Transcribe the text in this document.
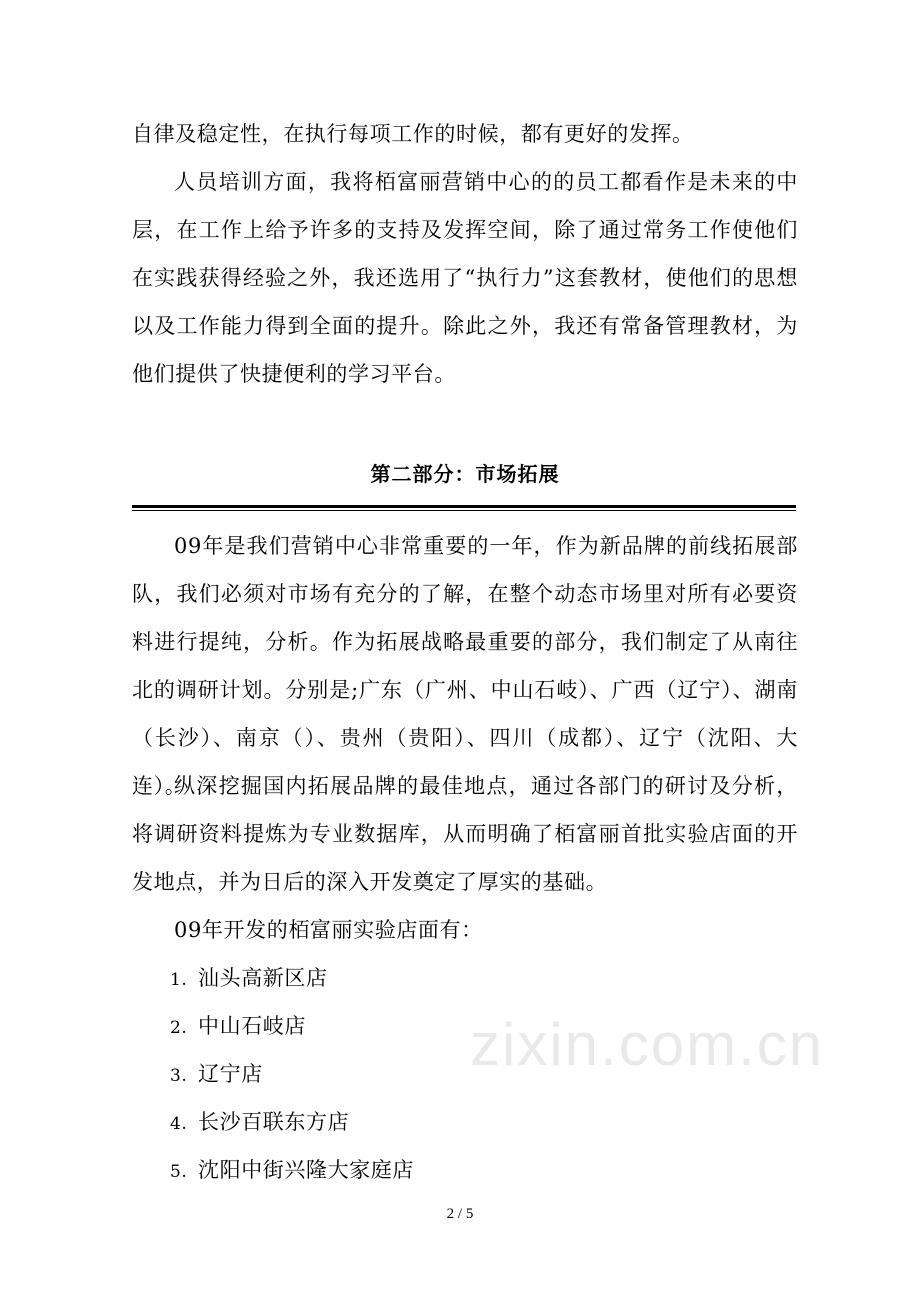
自律及稳定性，在执行每项工作的时候，都有更好的发挥。

人员培训方面，我将栢富丽营销中心的的员工都看作是未来的中层，在工作上给予许多的支持及发挥空间，除了通过常务工作使他们在实践获得经验之外，我还选用了“执行力”这套教材，使他们的思想以及工作能力得到全面的提升。除此之外，我还有常备管理教材，为他们提供了快捷便利的学习平台。

第二部分：市场拓展

09年是我们营销中心非常重要的一年，作为新品牌的前线拓展部队，我们必须对市场有充分的了解，在整个动态市场里对所有必要资料进行提纯，分析。作为拓展战略最重要的部分，我们制定了从南往北的调研计划。分别是;广东（广州、中山石岐）、广西（辽宁）、湖南（长沙）、南京（）、贵州（贵阳）、四川（成都）、辽宁（沈阳、大连）。

纵深挖掘国内拓展品牌的最佳地点，通过各部门的研讨及分析，将调研资料提炼为专业数据库，从而明确了栢富丽首批实验店面的开发地点，并为日后的深入开发奠定了厚实的基础。

09年开发的栢富丽实验店面有：

1. 汕头高新区店
2. 中山石岐店
3. 辽宁店
4. 长沙百联东方店
5. 沈阳中街兴隆大家庭店
zixin.com.cn
2 / 5
